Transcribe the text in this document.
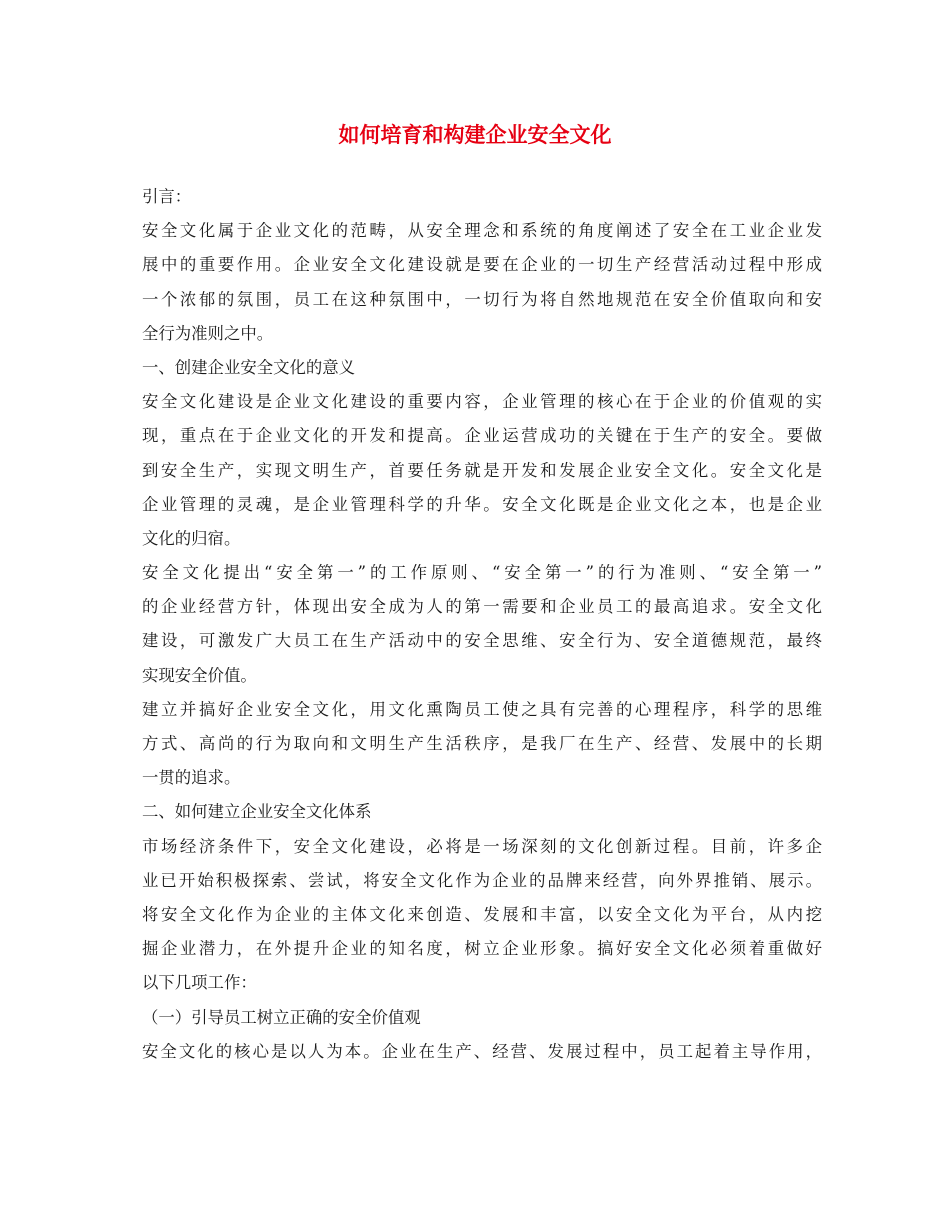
如何培育和构建企业安全文化

引言：

安全文化属于企业文化的范畴，从安全理念和系统的角度阐述了安全在工业企业发

展中的重要作用。企业安全文化建设就是要在企业的一切生产经营活动过程中形成

一个浓郁的氛围，员工在这种氛围中，一切行为将自然地规范在安全价值取向和安

全行为准则之中。

一、创建企业安全文化的意义

安全文化建设是企业文化建设的重要内容，企业管理的核心在于企业的价值观的实

现，重点在于企业文化的开发和提高。企业运营成功的关键在于生产的安全。要做

到安全生产，实现文明生产，首要任务就是开发和发展企业安全文化。安全文化是

企业管理的灵魂，是企业管理科学的升华。安全文化既是企业文化之本，也是企业

文化的归宿。

安全文化提出“安全第一”的工作原则、“安全第一”的行为准则、“安全第一”

的企业经营方针，体现出安全成为人的第一需要和企业员工的最高追求。安全文化

建设，可激发广大员工在生产活动中的安全思维、安全行为、安全道德规范，最终

实现安全价值。

建立并搞好企业安全文化，用文化熏陶员工使之具有完善的心理程序，科学的思维

方式、高尚的行为取向和文明生产生活秩序，是我厂在生产、经营、发展中的长期

一贯的追求。

二、如何建立企业安全文化体系

市场经济条件下，安全文化建设，必将是一场深刻的文化创新过程。目前，许多企

业已开始积极探索、尝试，将安全文化作为企业的品牌来经营，向外界推销、展示。

将安全文化作为企业的主体文化来创造、发展和丰富，以安全文化为平台，从内挖

掘企业潜力，在外提升企业的知名度，树立企业形象。搞好安全文化必须着重做好

以下几项工作：

（一）引导员工树立正确的安全价值观

安全文化的核心是以人为本。企业在生产、经营、发展过程中，员工起着主导作用，
